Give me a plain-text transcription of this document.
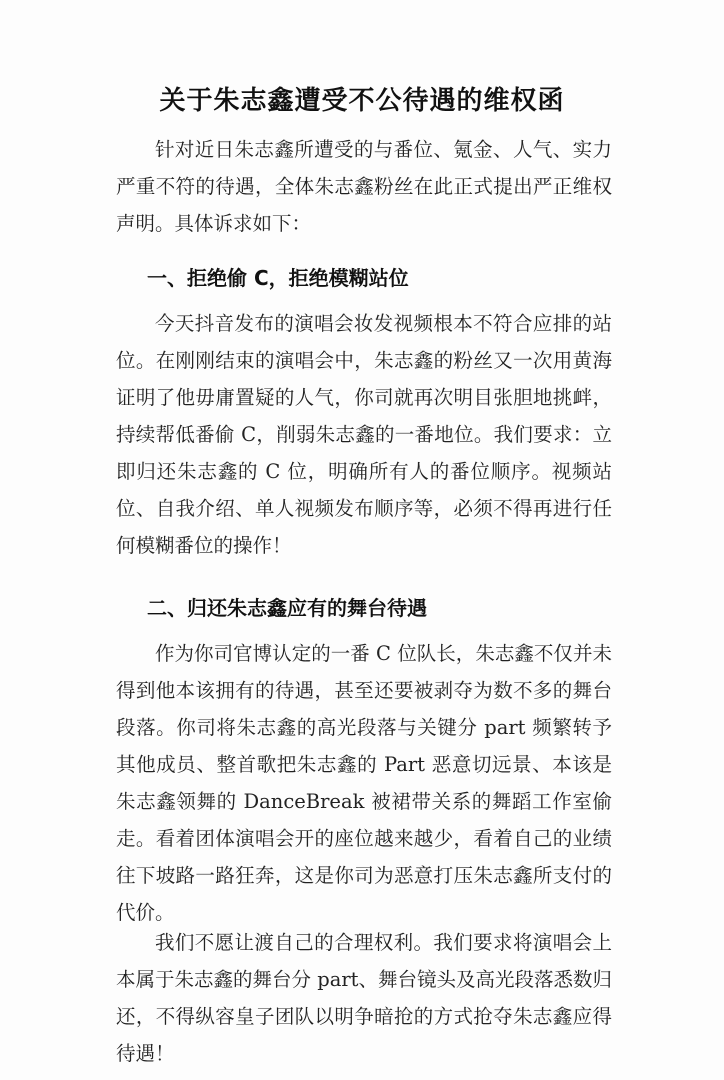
关于朱志鑫遭受不公待遇的维权函

针对近日朱志鑫所遭受的与番位、氪金、人气、实力严重不符的待遇，全体朱志鑫粉丝在此正式提出严正维权声明。具体诉求如下：

一、拒绝偷 C，拒绝模糊站位

今天抖音发布的演唱会妆发视频根本不符合应排的站位。在刚刚结束的演唱会中，朱志鑫的粉丝又一次用黄海证明了他毋庸置疑的人气，你司就再次明目张胆地挑衅，持续帮低番偷 C，削弱朱志鑫的一番地位。我们要求：立即归还朱志鑫的 C 位，明确所有人的番位顺序。视频站位、自我介绍、单人视频发布顺序等，必须不得再进行任何模糊番位的操作！

二、归还朱志鑫应有的舞台待遇

作为你司官博认定的一番 C 位队长，朱志鑫不仅并未得到他本该拥有的待遇，甚至还要被剥夺为数不多的舞台段落。你司将朱志鑫的高光段落与关键分 part 频繁转予其他成员、整首歌把朱志鑫的 Part 恶意切远景、本该是朱志鑫领舞的 DanceBreak 被裙带关系的舞蹈工作室偷走。看着团体演唱会开的座位越来越少，看着自己的业绩往下坡路一路狂奔，这是你司为恶意打压朱志鑫所支付的代价。

我们不愿让渡自己的合理权利。我们要求将演唱会上本属于朱志鑫的舞台分 part、舞台镜头及高光段落悉数归还，不得纵容皇子团队以明争暗抢的方式抢夺朱志鑫应得待遇！
